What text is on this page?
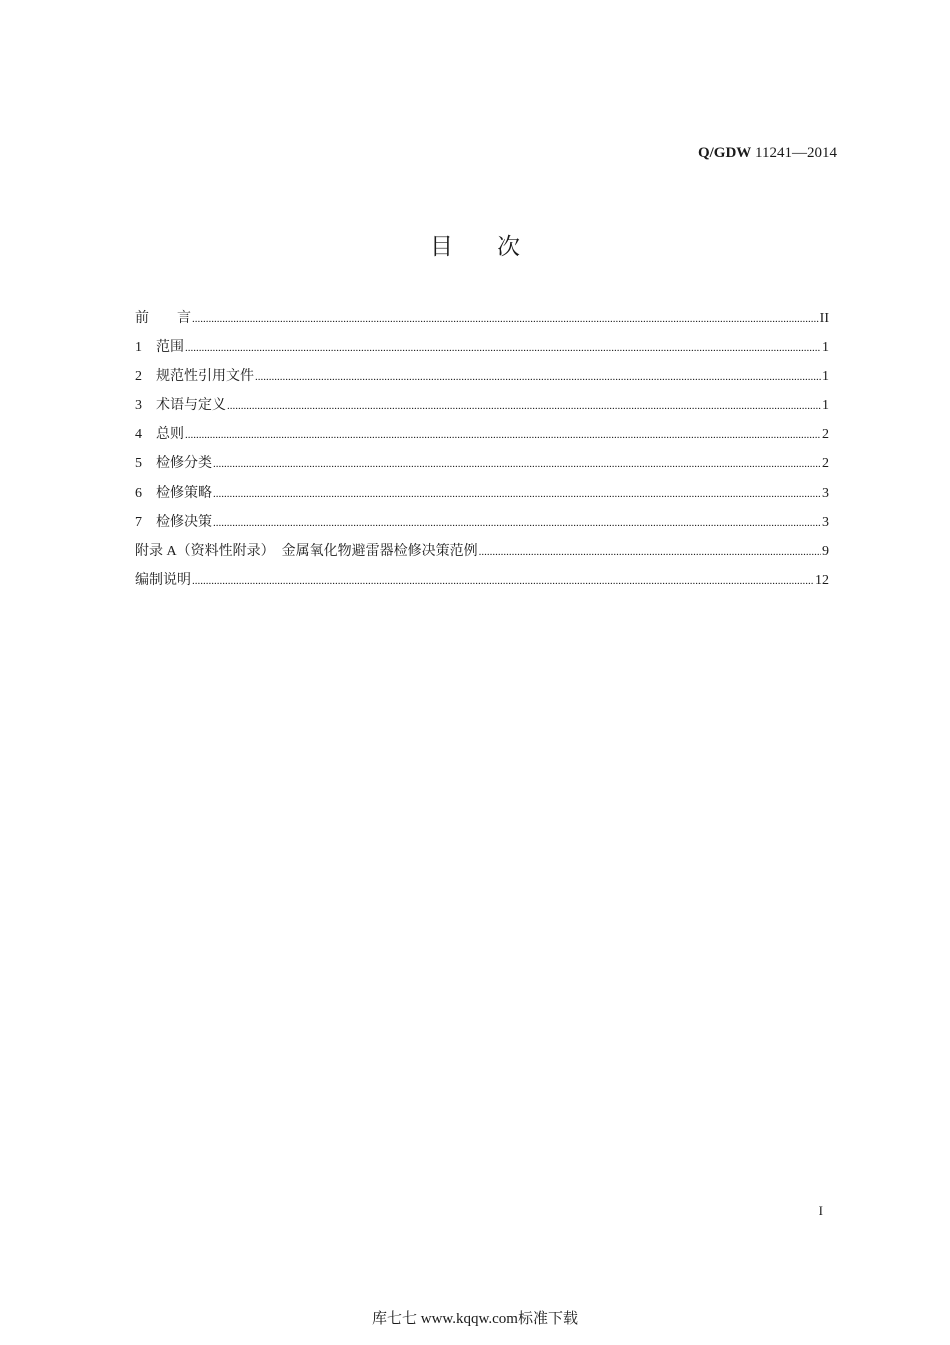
Q/GDW 11241—2014
目次
前　　言 .....	II
1　范围 .....	1
2　规范性引用文件 .....	1
3　术语与定义 .....	1
4　总则 .....	2
5　检修分类 .....	2
6　检修策略 .....	3
7　检修决策 .....	3
附录 A（资料性附录）　金属氧化物避雷器检修决策范例 .....	9
编制说明 .....	12
I
库七七 www.kqqw.com标准下载
